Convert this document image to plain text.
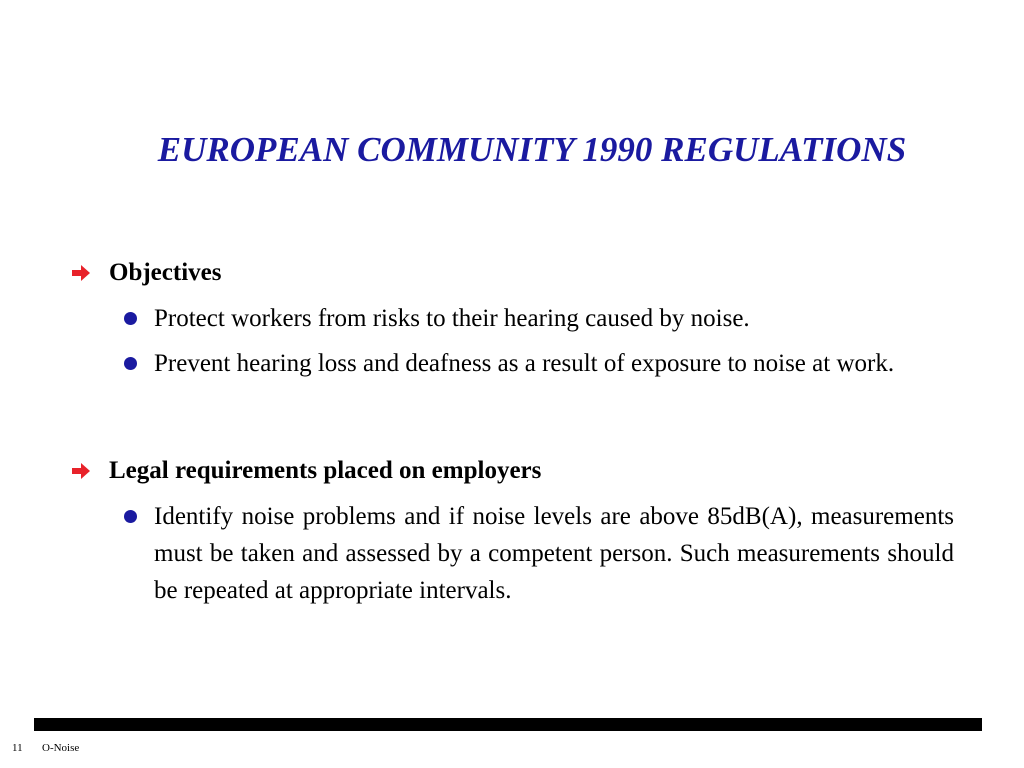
EUROPEAN COMMUNITY 1990 REGULATIONS
Objectives
Protect workers from risks to their hearing caused by noise.
Prevent hearing loss and deafness as a result of exposure to noise at work.
Legal requirements placed on employers
Identify noise problems and if noise levels are above 85dB(A), measurements must be taken and assessed by a competent person. Such measurements should be repeated at appropriate intervals.
11 O-Noise
